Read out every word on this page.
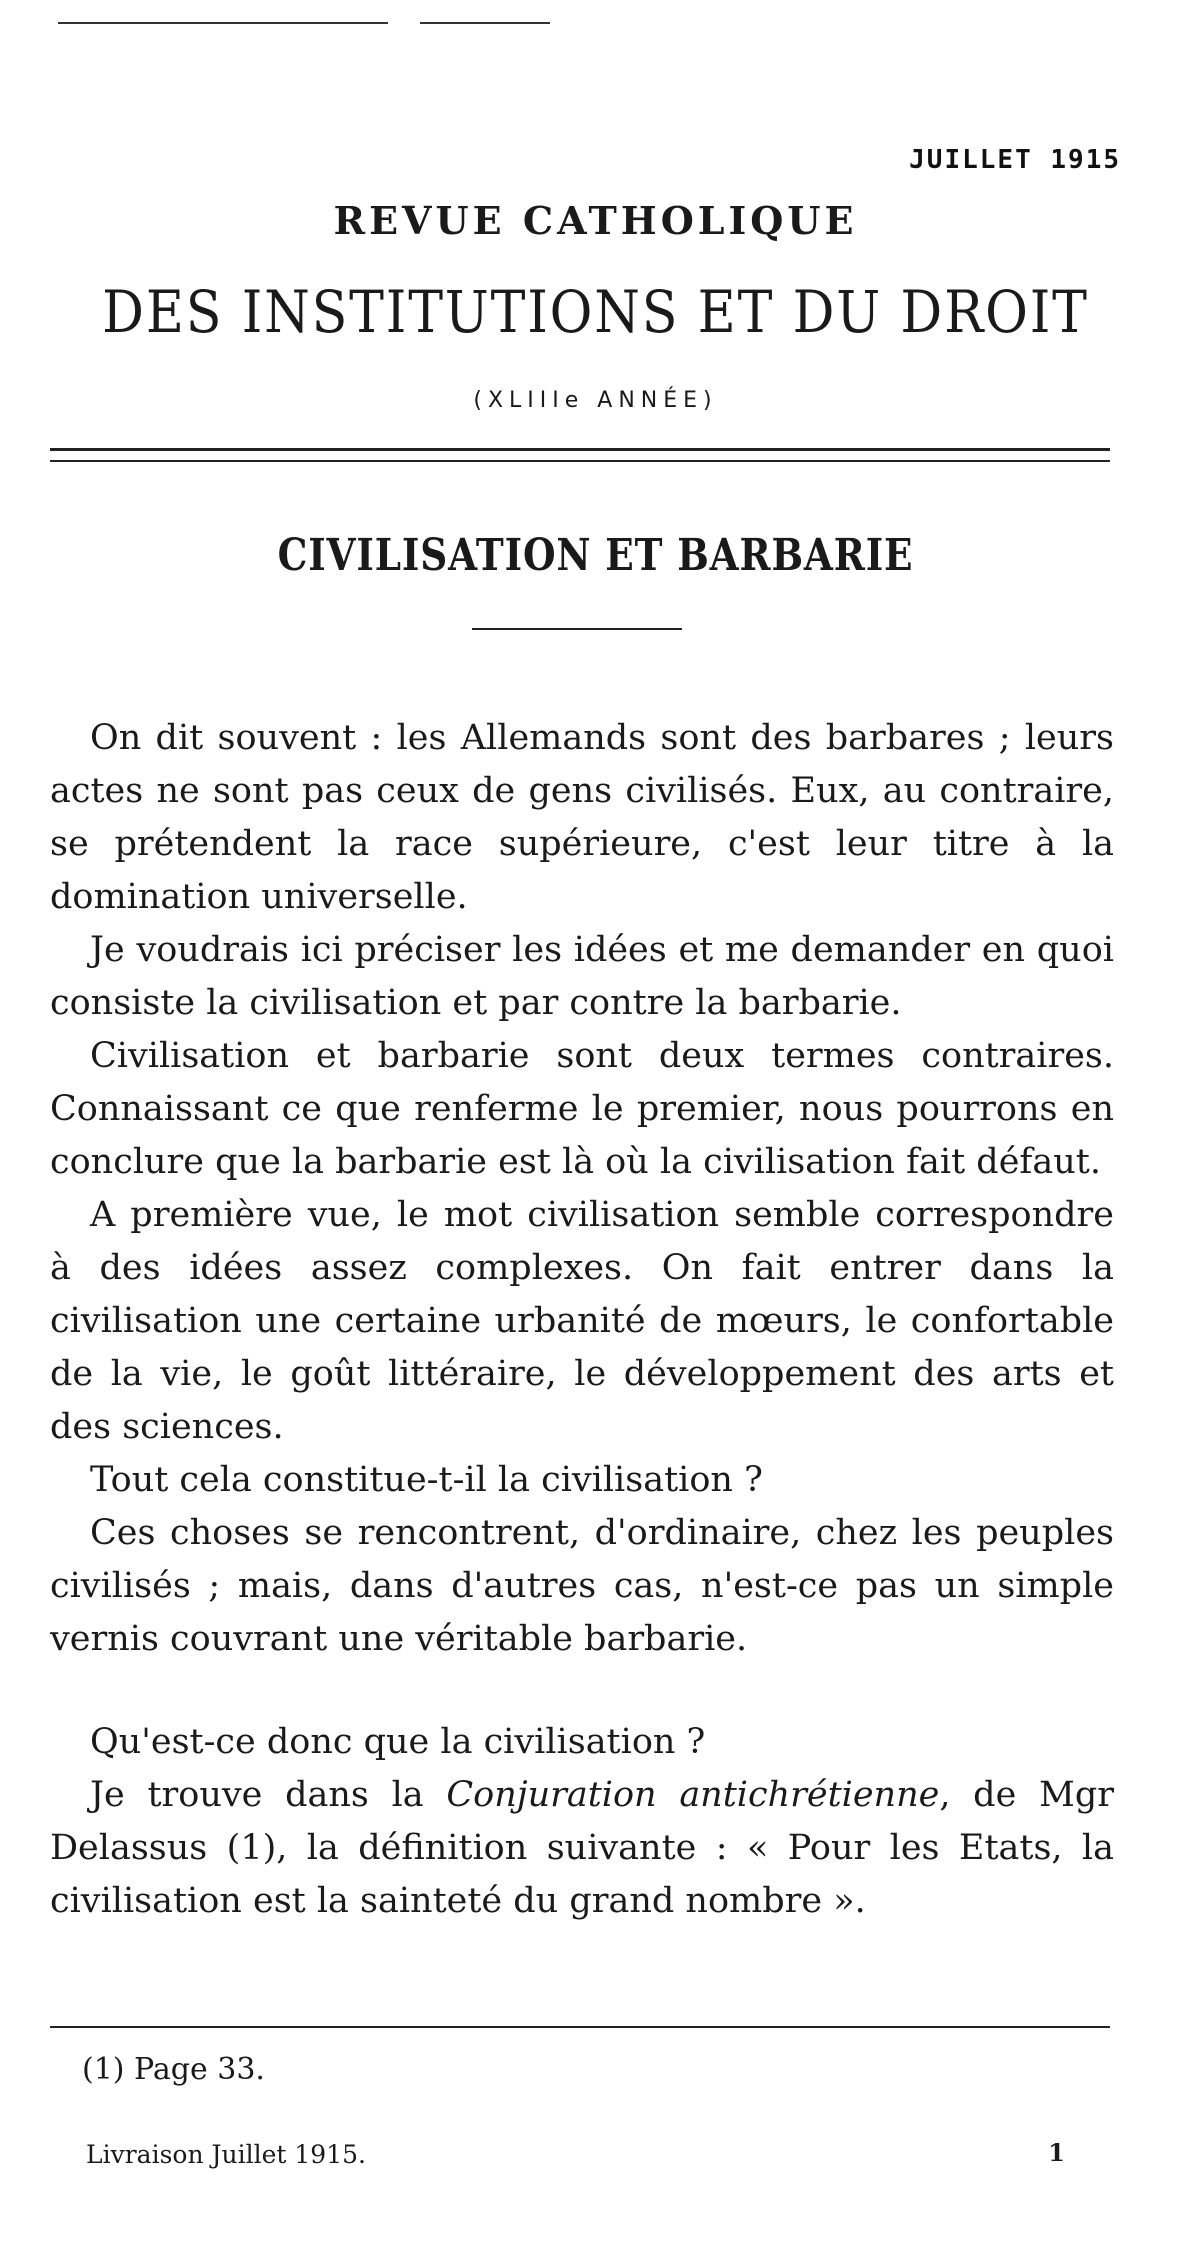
JUILLET 1915
REVUE CATHOLIQUE
DES INSTITUTIONS ET DU DROIT
(XLIIIe ANNÉE)
CIVILISATION ET BARBARIE

On dit souvent : les Allemands sont des barbares ; leurs actes ne sont pas ceux de gens civilisés. Eux, au contraire, se prétendent la race supérieure, c'est leur titre à la domination universelle.

Je voudrais ici préciser les idées et me demander en quoi consiste la civilisation et par contre la barbarie.

Civilisation et barbarie sont deux termes contraires. Connaissant ce que renferme le premier, nous pourrons en conclure que la barbarie est là où la civilisation fait défaut.

A première vue, le mot civilisation semble correspondre à des idées assez complexes. On fait entrer dans la civilisation une certaine urbanité de mœurs, le confortable de la vie, le goût littéraire, le développement des arts et des sciences.

Tout cela constitue-t-il la civilisation ?

Ces choses se rencontrent, d'ordinaire, chez les peuples civilisés ; mais, dans d'autres cas, n'est-ce pas un simple vernis couvrant une véritable barbarie.

Qu'est-ce donc que la civilisation ?

Je trouve dans la Conjuration antichrétienne, de Mgr Delassus (1), la définition suivante : « Pour les Etats, la civilisation est la sainteté du grand nombre ».

(1) Page 33.
Livraison Juillet 1915.	1
